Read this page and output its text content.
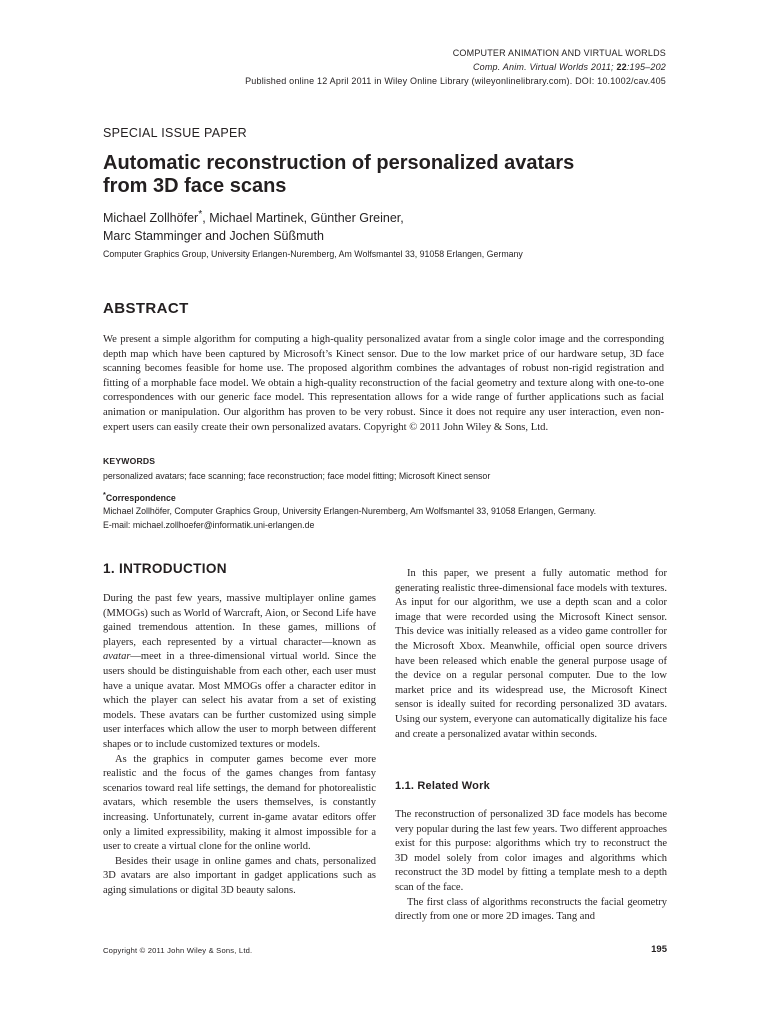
COMPUTER ANIMATION AND VIRTUAL WORLDS
Comp. Anim. Virtual Worlds 2011; 22:195–202
Published online 12 April 2011 in Wiley Online Library (wileyonlinelibrary.com). DOI: 10.1002/cav.405
SPECIAL ISSUE PAPER
Automatic reconstruction of personalized avatars
from 3D face scans
Michael Zollhöfer*, Michael Martinek, Günther Greiner,
Marc Stamminger and Jochen Süßmuth
Computer Graphics Group, University Erlangen-Nuremberg, Am Wolfsmantel 33, 91058 Erlangen, Germany
ABSTRACT

We present a simple algorithm for computing a high-quality personalized avatar from a single color image and the corresponding depth map which have been captured by Microsoft’s Kinect sensor. Due to the low market price of our hardware setup, 3D face scanning becomes feasible for home use. The proposed algorithm combines the advantages of robust non-rigid registration and fitting of a morphable face model. We obtain a high-quality reconstruction of the facial geometry and texture along with one-to-one correspondences with our generic face model. This representation allows for a wide range of further applications such as facial animation or manipulation. Our algorithm has proven to be very robust. Since it does not require any user interaction, even non-expert users can easily create their own personalized avatars. Copyright © 2011 John Wiley & Sons, Ltd.

KEYWORDS
personalized avatars; face scanning; face reconstruction; face model fitting; Microsoft Kinect sensor
*Correspondence
Michael Zollhöfer, Computer Graphics Group, University Erlangen-Nuremberg, Am Wolfsmantel 33, 91058 Erlangen, Germany.
E-mail: michael.zollhoefer@informatik.uni-erlangen.de
1. INTRODUCTION

During the past few years, massive multiplayer online games (MMOGs) such as World of Warcraft, Aion, or Second Life have gained tremendous attention. In these games, millions of players, each represented by a virtual character—known as avatar—meet in a three-dimensional virtual world. Since the users should be distinguishable from each other, each user must have a unique avatar. Most MMOGs offer a character editor in which the player can select his avatar from a set of existing models. These avatars can be further customized using simple user interfaces which allow the user to morph between different shapes or to include customized textures or models.

As the graphics in computer games become ever more realistic and the focus of the games changes from fantasy scenarios toward real life settings, the demand for photorealistic avatars, which resemble the users themselves, is constantly increasing. Unfortunately, current in-game avatar editors offer only a limited expressibility, making it almost impossible for a user to create a virtual clone for the online world.

Besides their usage in online games and chats, personalized 3D avatars are also important in gadget applications such as aging simulations or digital 3D beauty salons.

In this paper, we present a fully automatic method for generating realistic three-dimensional face models with textures. As input for our algorithm, we use a depth scan and a color image that were recorded using the Microsoft Kinect sensor. This device was initially released as a video game controller for the Microsoft Xbox. Meanwhile, official open source drivers have been released which enable the general purpose usage of the device on a regular personal computer. Due to the low market price and its widespread use, the Microsoft Kinect sensor is ideally suited for recording personalized 3D avatars. Using our system, everyone can automatically digitalize his face and create a personalized avatar within seconds.

1.1. Related Work

The reconstruction of personalized 3D face models has become very popular during the last few years. Two different approaches exist for this purpose: algorithms which try to reconstruct the 3D model solely from color images and algorithms which reconstruct the 3D model by fitting a template mesh to a depth scan of the face.

The first class of algorithms reconstructs the facial geometry directly from one or more 2D images. Tang and

Copyright © 2011 John Wiley & Sons, Ltd.	195
